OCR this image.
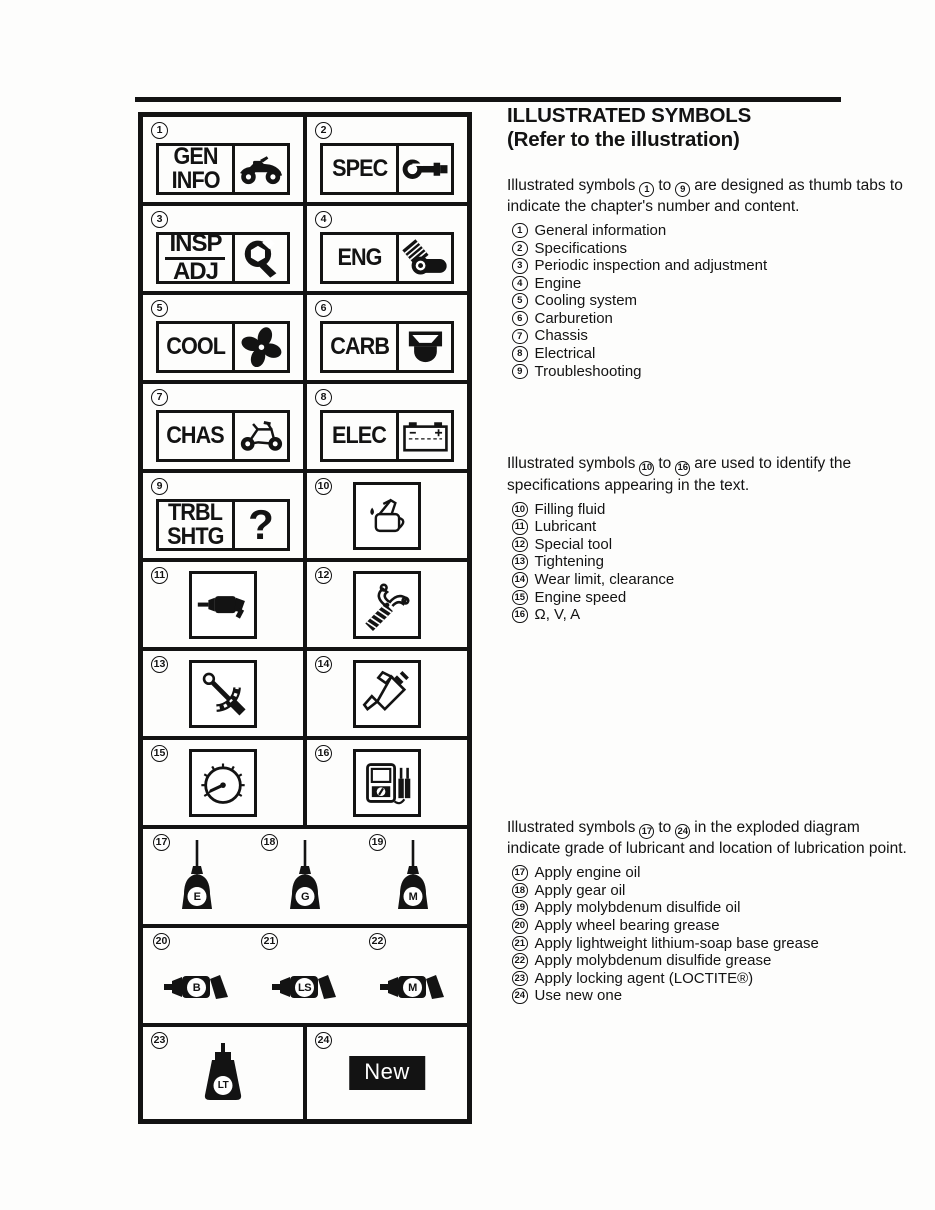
1
GEN
INFO
2
SPEC
3
INSP
ADJ
4
ENG
5
COOL
6
CARB
7
CHAS
8
ELEC
9
TRBL
SHTG ?
10
11	12
13	14
15	16
17
E
18
G
19
M
20
B
21
LS
22
M
23
LT
24
New
ILLUSTRATED SYMBOLS
(Refer to the illustration)

Illustrated symbols 1 to 9 are designed as thumb tabs to indicate the chapter's number and content.

1 General information
2 Specifications
3 Periodic inspection and adjustment
4 Engine
5 Cooling system
6 Carburetion
7 Chassis
8 Electrical
9 Troubleshooting

Illustrated symbols 10 to 16 are used to identify the specifications appearing in the text.

10 Filling fluid
11 Lubricant
12 Special tool
13 Tightening
14 Wear limit, clearance
15 Engine speed
16 Ω, V, A

Illustrated symbols 17 to 24 in the exploded diagram indicate grade of lubricant and location of lubrication point.

17 Apply engine oil
18 Apply gear oil
19 Apply molybdenum disulfide oil
20 Apply wheel bearing grease
21 Apply lightweight lithium-soap base grease
22 Apply molybdenum disulfide grease
23 Apply locking agent (LOCTITE®)
24 Use new one
